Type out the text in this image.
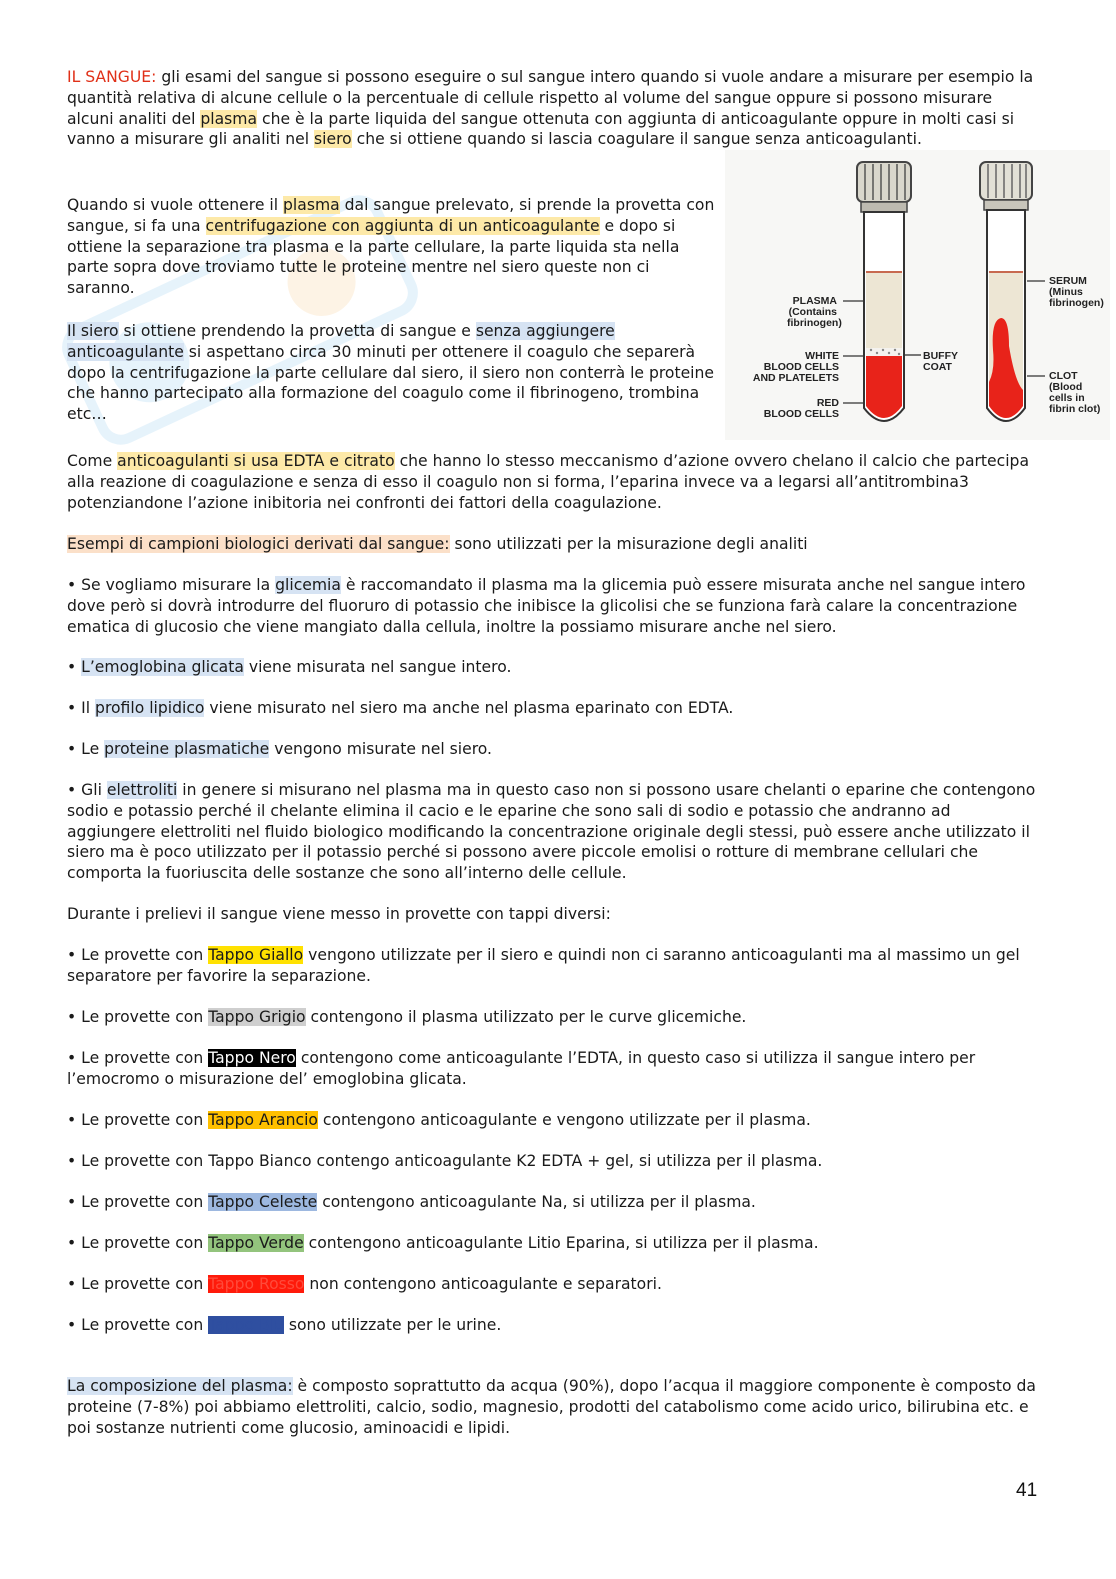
IL SANGUE: gli esami del sangue si possono eseguire o sul sangue intero quando si vuole andare a misurare per esempio la quantità relativa di alcune cellule o la percentuale di cellule rispetto al volume del sangue oppure si possono misurare alcuni analiti del plasma che è la parte liquida del sangue ottenuta con aggiunta di anticoagulante oppure in molti casi si vanno a misurare gli analiti nel siero che si ottiene quando si lascia coagulare il sangue senza anticoagulanti.

Quando si vuole ottenere il plasma dal sangue prelevato, si prende la provetta con sangue, si fa una centrifugazione con aggiunta di un anticoagulante e dopo si ottiene la separazione tra plasma e la parte cellulare, la parte liquida sta nella parte sopra dove troviamo tutte le proteine mentre nel siero queste non ci saranno.

Il siero si ottiene prendendo la provetta di sangue e senza aggiungere anticoagulante si aspettano circa 30 minuti per ottenere il coagulo che separerà dopo la centrifugazione la parte cellulare dal siero, il siero non conterrà le proteine che hanno partecipato alla formazione del coagulo come il fibrinogeno, trombina etc…

PLASMA
(Contains
fibrinogen)
WHITE
BLOOD CELLS
AND PLATELETS
BUFFY
COAT
RED
BLOOD CELLS
SERUM
(Minus
fibrinogen)
CLOT
(Blood
cells in
fibrin clot)

Come anticoagulanti si usa EDTA e citrato che hanno lo stesso meccanismo d’azione ovvero chelano il calcio che partecipa alla reazione di coagulazione e senza di esso il coagulo non si forma, l’eparina invece va a legarsi all’antitrombina3 potenziandone l’azione inibitoria nei confronti dei fattori della coagulazione.

Esempi di campioni biologici derivati dal sangue: sono utilizzati per la misurazione degli analiti

• Se vogliamo misurare la glicemia è raccomandato il plasma ma la glicemia può essere misurata anche nel sangue intero dove però si dovrà introdurre del fluoruro di potassio che inibisce la glicolisi che se funziona farà calare la concentrazione ematica di glucosio che viene mangiato dalla cellula, inoltre la possiamo misurare anche nel siero.

• L’emoglobina glicata viene misurata nel sangue intero.

• Il profilo lipidico viene misurato nel siero ma anche nel plasma eparinato con EDTA.

• Le proteine plasmatiche vengono misurate nel siero.

• Gli elettroliti in genere si misurano nel plasma ma in questo caso non si possono usare chelanti o eparine che contengono sodio e potassio perché il chelante elimina il cacio e le eparine che sono sali di sodio e potassio che andranno ad aggiungere elettroliti nel fluido biologico modificando la concentrazione originale degli stessi, può essere anche utilizzato il siero ma è poco utilizzato per il potassio perché si possono avere piccole emolisi o rotture di membrane cellulari che comporta la fuoriuscita delle sostanze che sono all’interno delle cellule.

Durante i prelievi il sangue viene messo in provette con tappi diversi:

• Le provette con Tappo Giallo vengono utilizzate per il siero e quindi non ci saranno anticoagulanti ma al massimo un gel separatore per favorire la separazione.

• Le provette con Tappo Grigio contengono il plasma utilizzato per le curve glicemiche.

• Le provette con Tappo Nero contengono come anticoagulante l’EDTA, in questo caso si utilizza il sangue intero per l’emocromo o misurazione del’ emoglobina glicata.

• Le provette con Tappo Arancio contengono anticoagulante e vengono utilizzate per il plasma.

• Le provette con Tappo Bianco contengo anticoagulante K2 EDTA + gel, si utilizza per il plasma.

• Le provette con Tappo Celeste contengono anticoagulante Na, si utilizza per il plasma.

• Le provette con Tappo Verde contengono anticoagulante Litio Eparina, si utilizza per il plasma.

• Le provette con Tappo Rosso non contengono anticoagulante e separatori.

• Le provette con Tappo Blu sono utilizzate per le urine.

La composizione del plasma: è composto soprattutto da acqua (90%), dopo l’acqua il maggiore componente è composto da proteine (7-8%) poi abbiamo elettroliti, calcio, sodio, magnesio, prodotti del catabolismo come acido urico, bilirubina etc. e poi sostanze nutrienti come glucosio, aminoacidi e lipidi.

41
